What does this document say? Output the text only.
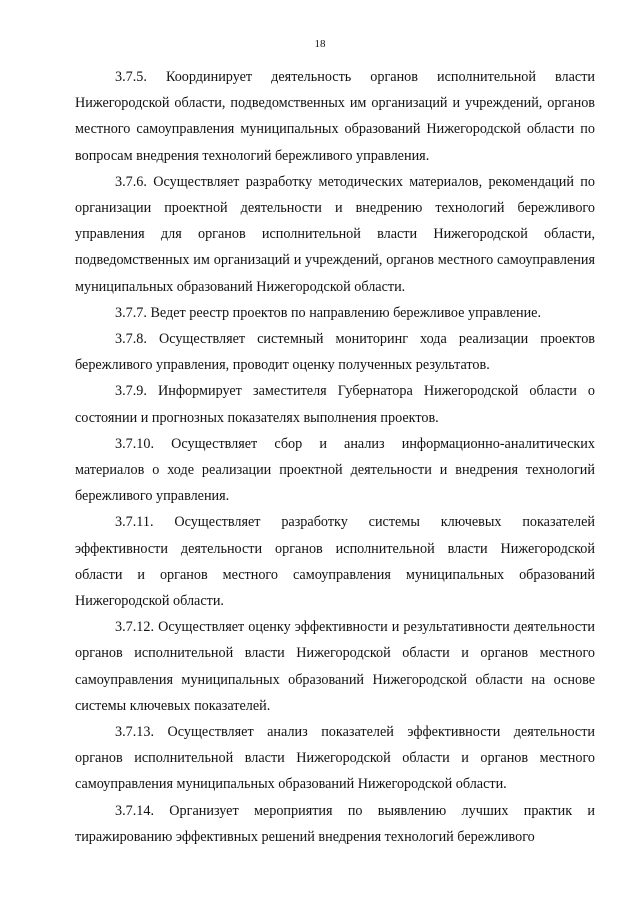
18

3.7.5. Координирует деятельность органов исполнительной власти Нижегородской области, подведомственных им организаций и учреждений, органов местного самоуправления муниципальных образований Нижегородской области по вопросам внедрения технологий бережливого управления.

3.7.6. Осуществляет разработку методических материалов, рекомендаций по организации проектной деятельности и внедрению технологий бережливого управления для органов исполнительной власти Нижегородской области, подведомственных им организаций и учреждений, органов местного самоуправления муниципальных образований Нижегородской области.

3.7.7. Ведет реестр проектов по направлению бережливое управление.

3.7.8. Осуществляет системный мониторинг хода реализации проектов бережливого управления, проводит оценку полученных результатов.

3.7.9. Информирует заместителя Губернатора Нижегородской области о состоянии и прогнозных показателях выполнения проектов.

3.7.10. Осуществляет сбор и анализ информационно-аналитических материалов о ходе реализации проектной деятельности и внедрения технологий бережливого управления.

3.7.11. Осуществляет разработку системы ключевых показателей эффективности деятельности органов исполнительной власти Нижегородской области и органов местного самоуправления муниципальных образований Нижегородской области.

3.7.12. Осуществляет оценку эффективности и результативности деятельности органов исполнительной власти Нижегородской области и органов местного самоуправления муниципальных образований Нижегородской области на основе системы ключевых показателей.

3.7.13. Осуществляет анализ показателей эффективности деятельности органов исполнительной власти Нижегородской области и органов местного самоуправления муниципальных образований Нижегородской области.

3.7.14. Организует мероприятия по выявлению лучших практик и тиражированию эффективных решений внедрения технологий бережливого
